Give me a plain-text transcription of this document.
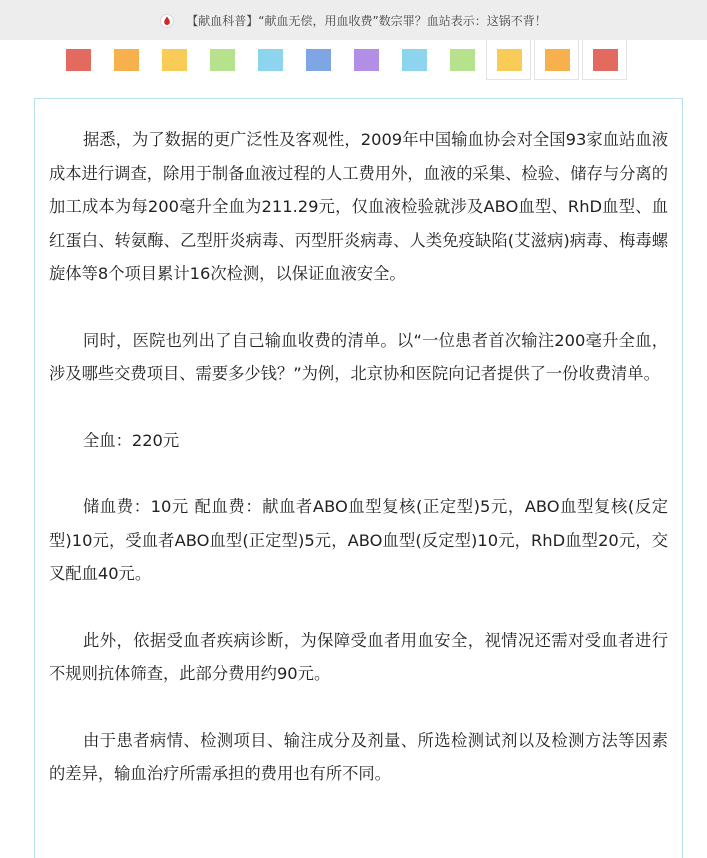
【献血科普】“献血无偿，用血收费”数宗罪？血站表示：这锅不背！

据悉，为了数据的更广泛性及客观性，2009年中国输血协会对全国93家血站血液成本进行调查，除用于制备血液过程的人工费用外，血液的采集、检验、储存与分离的加工成本为每200毫升全血为211.29元，仅血液检验就涉及ABO血型、RhD血型、血红蛋白、转氨酶、乙型肝炎病毒、丙型肝炎病毒、人类免疫缺陷(艾滋病)病毒、梅毒螺旋体等8个项目累计16次检测，以保证血液安全。

同时，医院也列出了自己输血收费的清单。以“一位患者首次输注200毫升全血，涉及哪些交费项目、需要多少钱？”为例，北京协和医院向记者提供了一份收费清单。

全血：220元

储血费：10元 配血费：献血者ABO血型复核(正定型)5元，ABO血型复核(反定型)10元，受血者ABO血型(正定型)5元，ABO血型(反定型)10元，RhD血型20元，交叉配血40元。

此外，依据受血者疾病诊断，为保障受血者用血安全，视情况还需对受血者进行不规则抗体筛查，此部分费用约90元。

由于患者病情、检测项目、输注成分及剂量、所选检测试剂以及检测方法等因素的差异，输血治疗所需承担的费用也有所不同。
